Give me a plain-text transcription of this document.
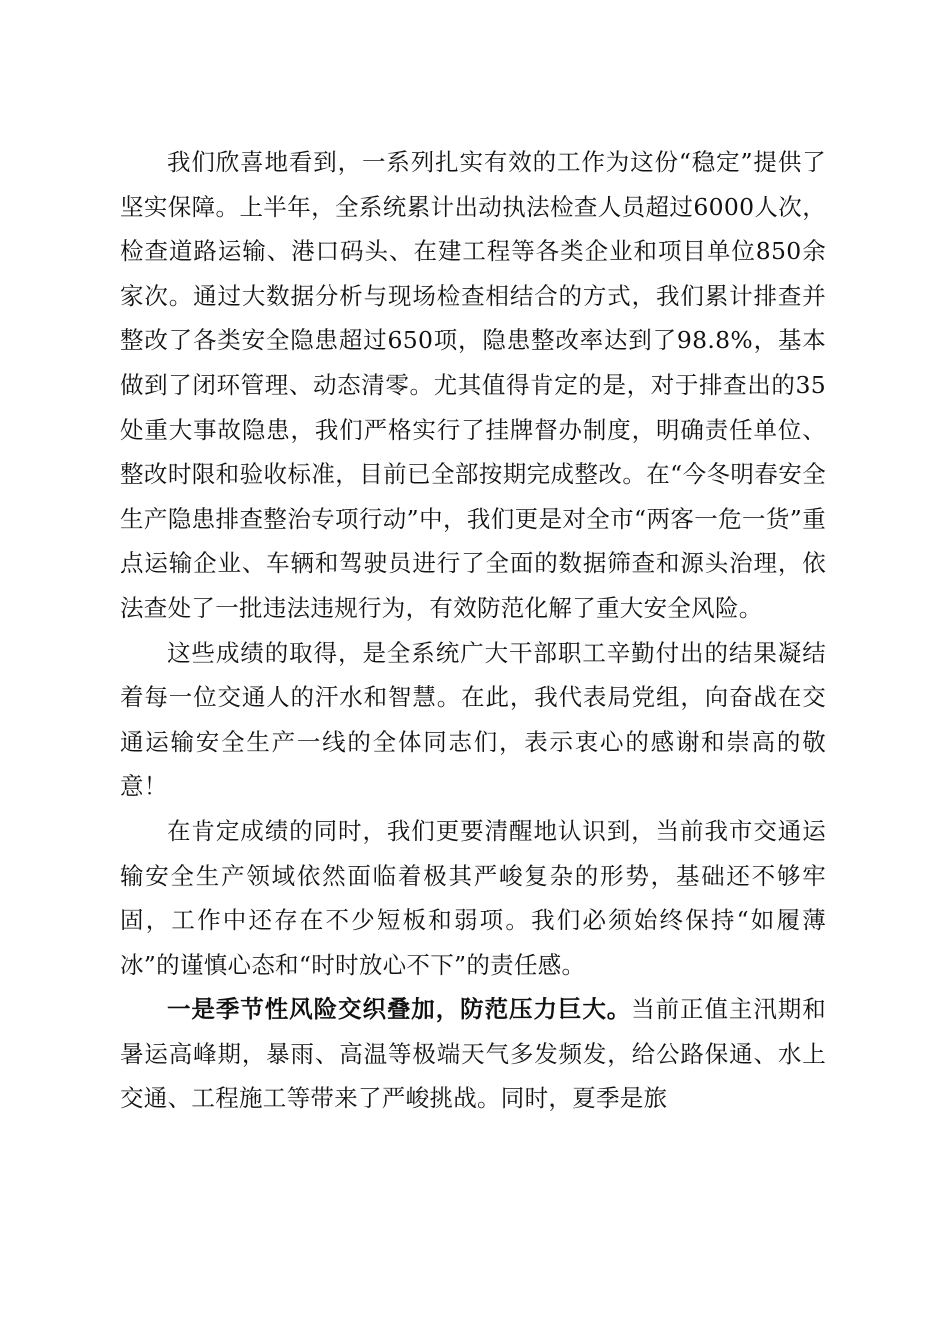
我们欣喜地看到，一系列扎实有效的工作为这份“稳定”提供了坚实保障。上半年，全系统累计出动执法检查人员超过6000人次，检查道路运输、港口码头、在建工程等各类企业和项目单位850余家次。通过大数据分析与现场检查相结合的方式，我们累计排查并整改了各类安全隐患超过650项，隐患整改率达到了98.8%，基本做到了闭环管理、动态清零。尤其值得肯定的是，对于排查出的35处重大事故隐患，我们严格实行了挂牌督办制度，明确责任单位、整改时限和验收标准，目前已全部按期完成整改。在“今冬明春安全生产隐患排查整治专项行动”中，我们更是对全市“两客一危一货”重点运输企业、车辆和驾驶员进行了全面的数据筛查和源头治理，依法查处了一批违法违规行为，有效防范化解了重大安全风险。

这些成绩的取得，是全系统广大干部职工辛勤付出的结果凝结着每一位交通人的汗水和智慧。在此，我代表局党组，向奋战在交通运输安全生产一线的全体同志们，表示衷心的感谢和崇高的敬意！

在肯定成绩的同时，我们更要清醒地认识到，当前我市交通运输安全生产领域依然面临着极其严峻复杂的形势，基础还不够牢固，工作中还存在不少短板和弱项。我们必须始终保持“如履薄冰”的谨慎心态和“时时放心不下”的责任感。

一是季节性风险交织叠加，防范压力巨大。当前正值主汛期和暑运高峰期，暴雨、高温等极端天气多发频发，给公路保通、水上交通、工程施工等带来了严峻挑战。同时，夏季是旅
